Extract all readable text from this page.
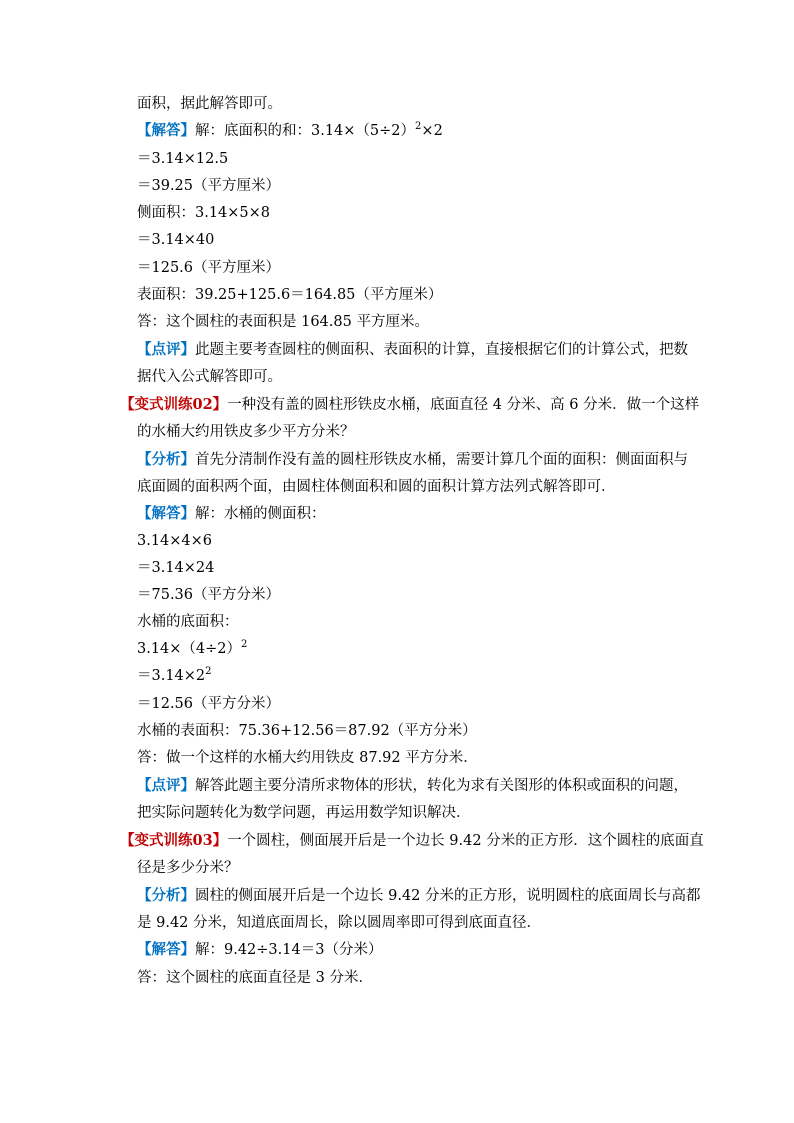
面积，据此解答即可。
【解答】解：底面积的和：$3.14\times(5\div 2)^2\times 2$
＝3.14×12.5
＝39.25（平方厘米）
侧面积：3.14×5×8
＝3.14×40
＝125.6（平方厘米）
表面积：39.25+125.6＝164.85（平方厘米）
答：这个圆柱的表面积是 164.85 平方厘米。
【点评】此题主要考查圆柱的侧面积、表面积的计算，直接根据它们的计算公式，把数
据代入公式解答即可。
【变式训练02】一种没有盖的圆柱形铁皮水桶，底面直径 4 分米、高 6 分米．做一个这样
的水桶大约用铁皮多少平方分米？
【分析】首先分清制作没有盖的圆柱形铁皮水桶，需要计算几个面的面积：侧面面积与
底面圆的面积两个面，由圆柱体侧面积和圆的面积计算方法列式解答即可．
【解答】解：水桶的侧面积：
3.14×4×6
＝3.14×24
＝75.36（平方分米）
水桶的底面积：
$3.14\times(4\div 2)^2$
$=3.14\times 2^2$
＝12.56（平方分米）
水桶的表面积：75.36+12.56＝87.92（平方分米）
答：做一个这样的水桶大约用铁皮 87.92 平方分米．
【点评】解答此题主要分清所求物体的形状，转化为求有关图形的体积或面积的问题，
把实际问题转化为数学问题，再运用数学知识解决．
【变式训练03】一个圆柱，侧面展开后是一个边长 9.42 分米的正方形．这个圆柱的底面直
径是多少分米？
【分析】圆柱的侧面展开后是一个边长 9.42 分米的正方形，说明圆柱的底面周长与高都
是 9.42 分米，知道底面周长，除以圆周率即可得到底面直径．
【解答】解：9.42÷3.14＝3（分米）
答：这个圆柱的底面直径是 3 分米．
